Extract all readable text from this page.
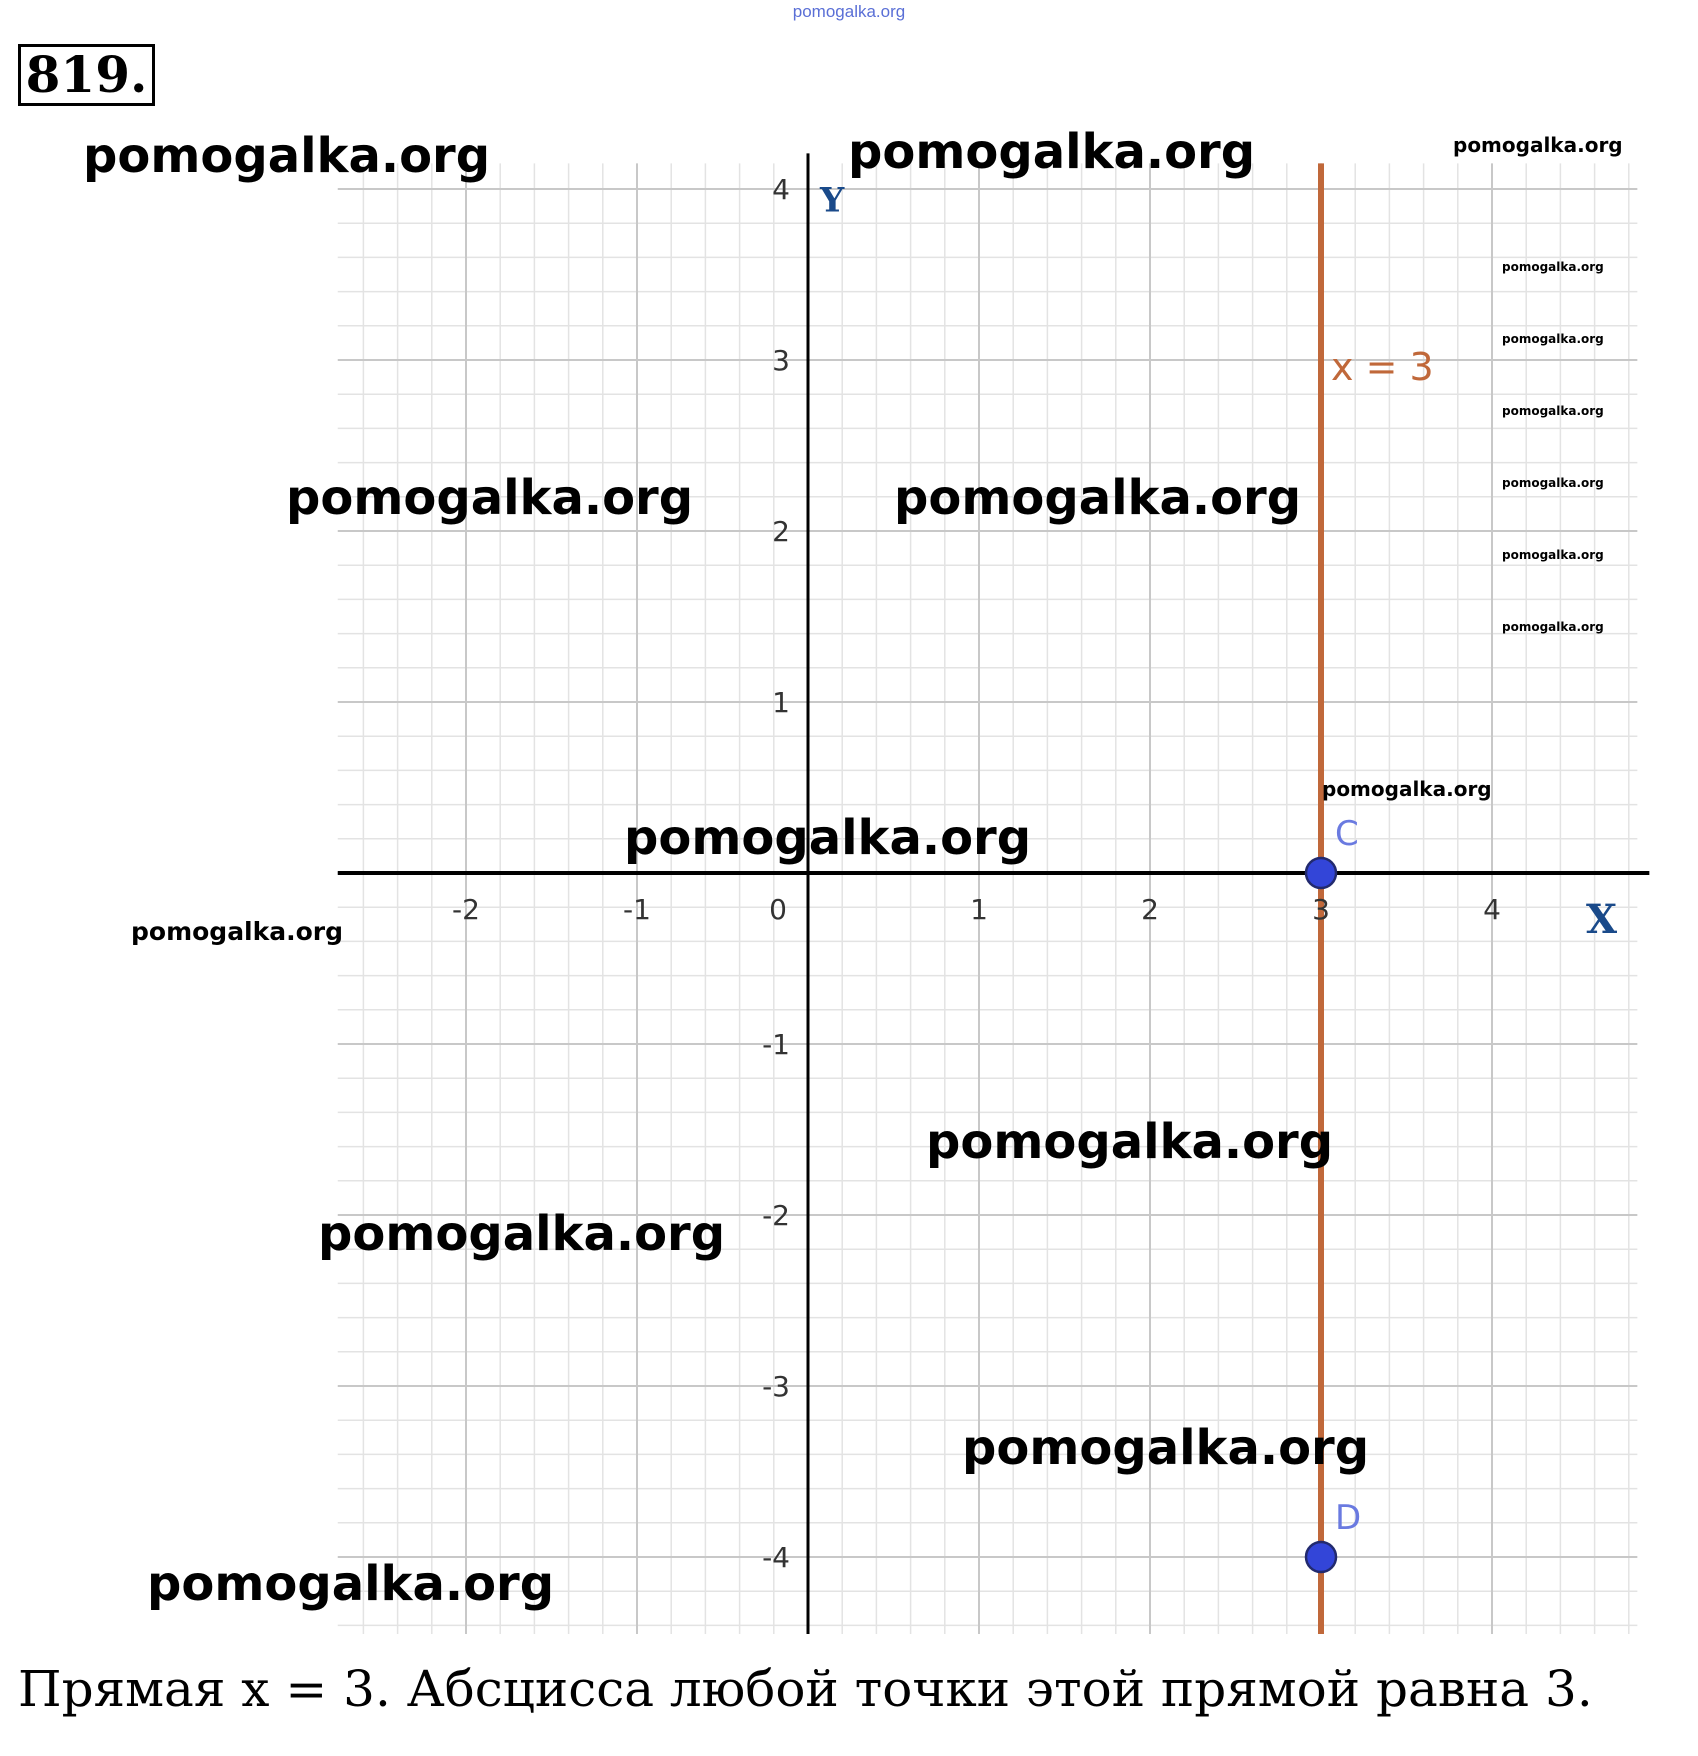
pomogalka.org
819.
x = 3
X
Y
-2	-1	0	1	2	3	4
4
3
2
1
-1
-2
-3
-4
C
D
pomogalka.org	pomogalka.org	pomogalka.org
pomogalka.org
pomogalka.org
pomogalka.org
pomogalka.org
pomogalka.org
pomogalka.org
pomogalka.org	pomogalka.org
pomogalka.org
pomogalka.org
pomogalka.org
pomogalka.org
pomogalka.org
pomogalka.org
pomogalka.org
Прямая x = 3. Абсцисса любой точки этой прямой равна 3.
